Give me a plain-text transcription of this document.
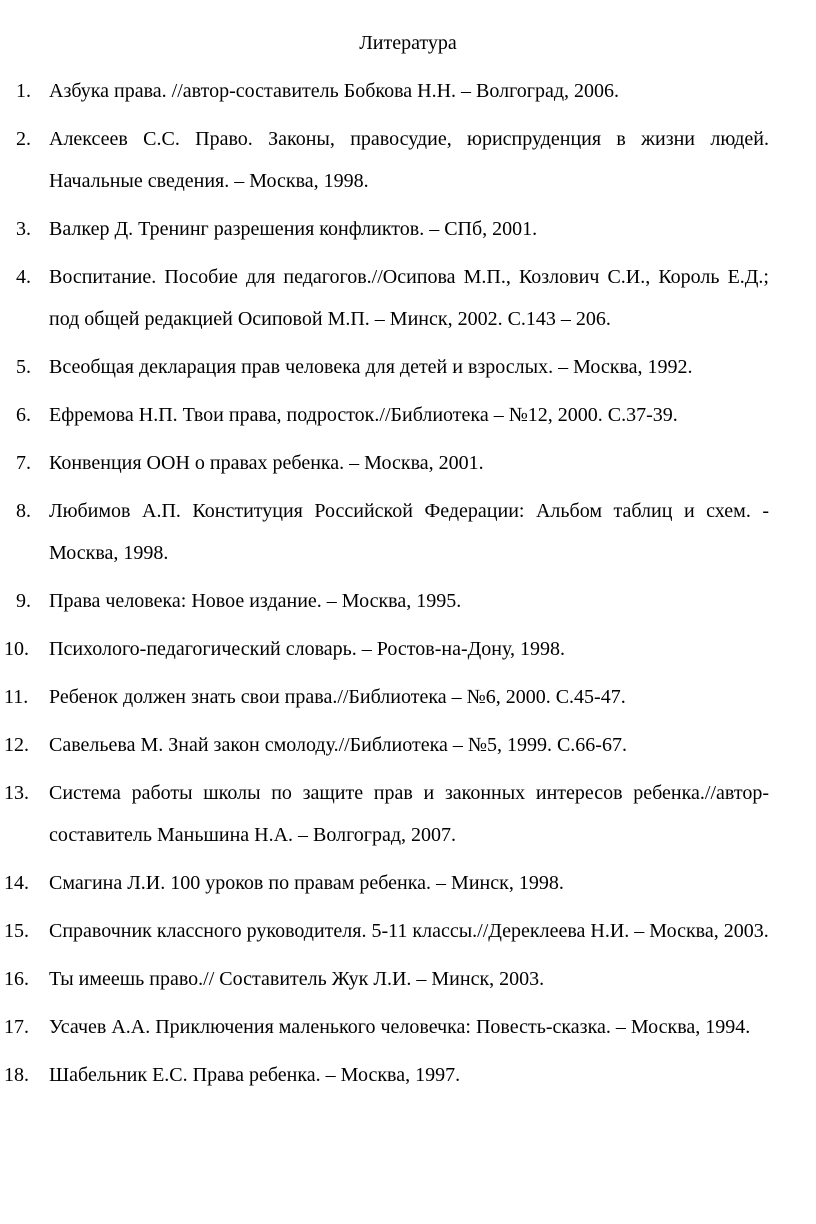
Литература
1. Азбука права. //автор-составитель Бобкова Н.Н. – Волгоград, 2006.
2. Алексеев С.С. Право. Законы, правосудие, юриспруденция в жизни людей. Начальные сведения. – Москва, 1998.
3. Валкер Д. Тренинг разрешения конфликтов. – СПб, 2001.
4. Воспитание. Пособие для педагогов.//Осипова М.П., Козлович С.И., Король Е.Д.; под общей редакцией Осиповой М.П. – Минск, 2002. С.143 – 206.
5. Всеобщая декларация прав человека для детей и взрослых. – Москва, 1992.
6. Ефремова Н.П. Твои права, подросток.//Библиотека – №12, 2000. С.37-39.
7. Конвенция ООН о правах ребенка. – Москва, 2001.
8. Любимов А.П. Конституция Российской Федерации: Альбом таблиц и схем. - Москва, 1998.
9. Права человека: Новое издание. – Москва, 1995.
10.	Психолого-педагогический словарь. – Ростов-на-Дону, 1998.
11.	Ребенок должен знать свои права.//Библиотека – №6, 2000. С.45-47.
12.	Савельева М. Знай закон смолоду.//Библиотека – №5, 1999. С.66-67.
13.	Система работы школы по защите прав и законных интересов ребенка.//автор-составитель Маньшина Н.А. – Волгоград, 2007.
14.	Смагина Л.И. 100 уроков по правам ребенка. – Минск, 1998.
15.	Справочник классного руководителя. 5-11 классы.//Дереклеева Н.И. – Москва, 2003.
16.	Ты имеешь право.// Составитель Жук Л.И. – Минск, 2003.
17.	Усачев А.А. Приключения маленького человечка: Повесть-сказка. – Москва, 1994.
18.	Шабельник Е.С. Права ребенка. – Москва, 1997.
